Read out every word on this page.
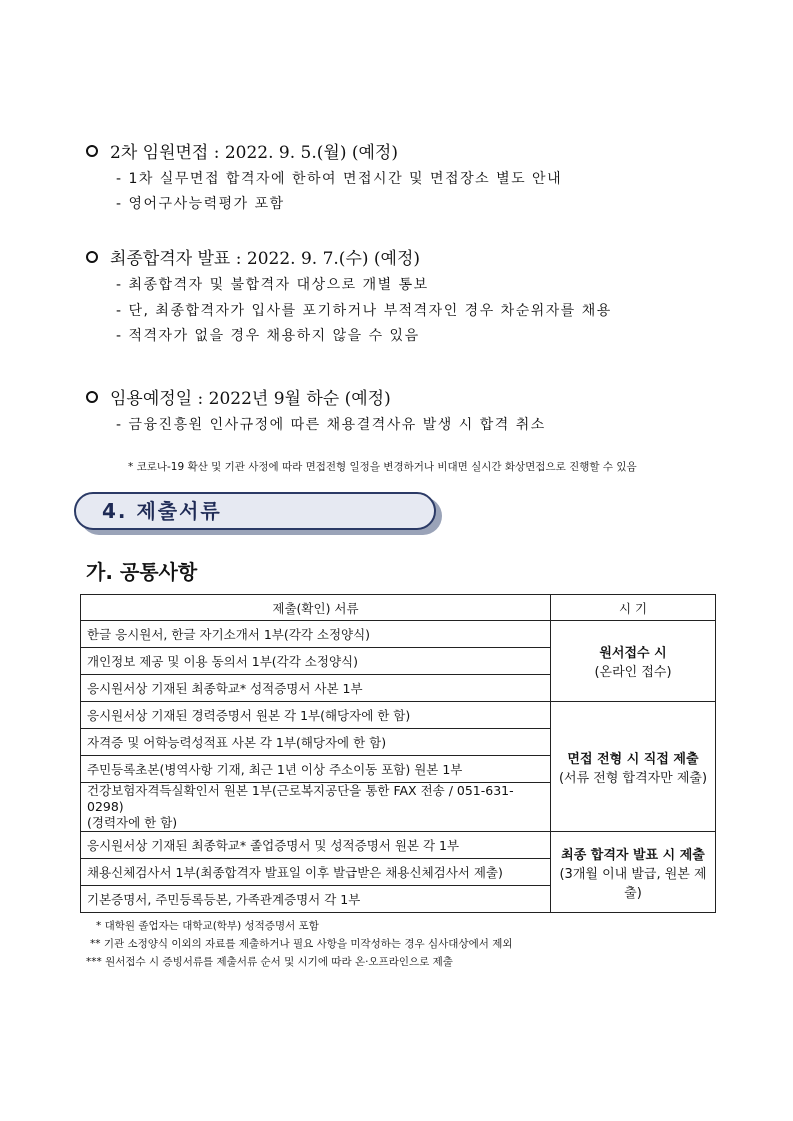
2차 임원면접 : 2022. 9. 5.(월) (예정)
- 1차 실무면접 합격자에 한하여 면접시간 및 면접장소 별도 안내
- 영어구사능력평가 포함
최종합격자 발표 : 2022. 9. 7.(수) (예정)
- 최종합격자 및 불합격자 대상으로 개별 통보
- 단, 최종합격자가 입사를 포기하거나 부적격자인 경우 차순위자를 채용
- 적격자가 없을 경우 채용하지 않을 수 있음
임용예정일 : 2022년 9월 하순 (예정)
- 금융진흥원 인사규정에 따른 채용결격사유 발생 시 합격 취소
* 코로나-19 확산 및 기관 사정에 따라 면접전형 일정을 변경하거나 비대면 실시간 화상면접으로 진행할 수 있음
4. 제출서류
가. 공통사항
제출(확인) 서류	시 기
한글 응시원서, 한글 자기소개서 1부(각각 소정양식)	원서접수 시
(온라인 접수)
개인정보 제공 및 이용 동의서 1부(각각 소정양식)	
응시원서상 기재된 최종학교* 성적증명서 사본 1부	
응시원서상 기재된 경력증명서 원본 각 1부(해당자에 한 함)	면접 전형 시 직접 제출
(서류 전형 합격자만 제출)
자격증 및 어학능력성적표 사본 각 1부(해당자에 한 함)	
주민등록초본(병역사항 기재, 최근 1년 이상 주소이동 포함) 원본 1부	

건강보험자격득실확인서 원본 1부(근로복지공단을 통한 FAX 전송 / 051-631-0298)
(경력자에 한 함)	

응시원서상 기재된 최종학교* 졸업증명서 및 성적증명서 원본 각 1부	최종 합격자 발표 시 제출
(3개월 이내 발급, 원본 제출)
채용신체검사서 1부(최종합격자 발표일 이후 발급받은 채용신체검사서 제출)	
기본증명서, 주민등록등본, 가족관계증명서 각 1부	
* 대학원 졸업자는 대학교(학부) 성적증명서 포함
** 기관 소정양식 이외의 자료를 제출하거나 필요 사항을 미작성하는 경우 심사대상에서 제외
*** 원서접수 시 증빙서류를 제출서류 순서 및 시기에 따라 온·오프라인으로 제출
